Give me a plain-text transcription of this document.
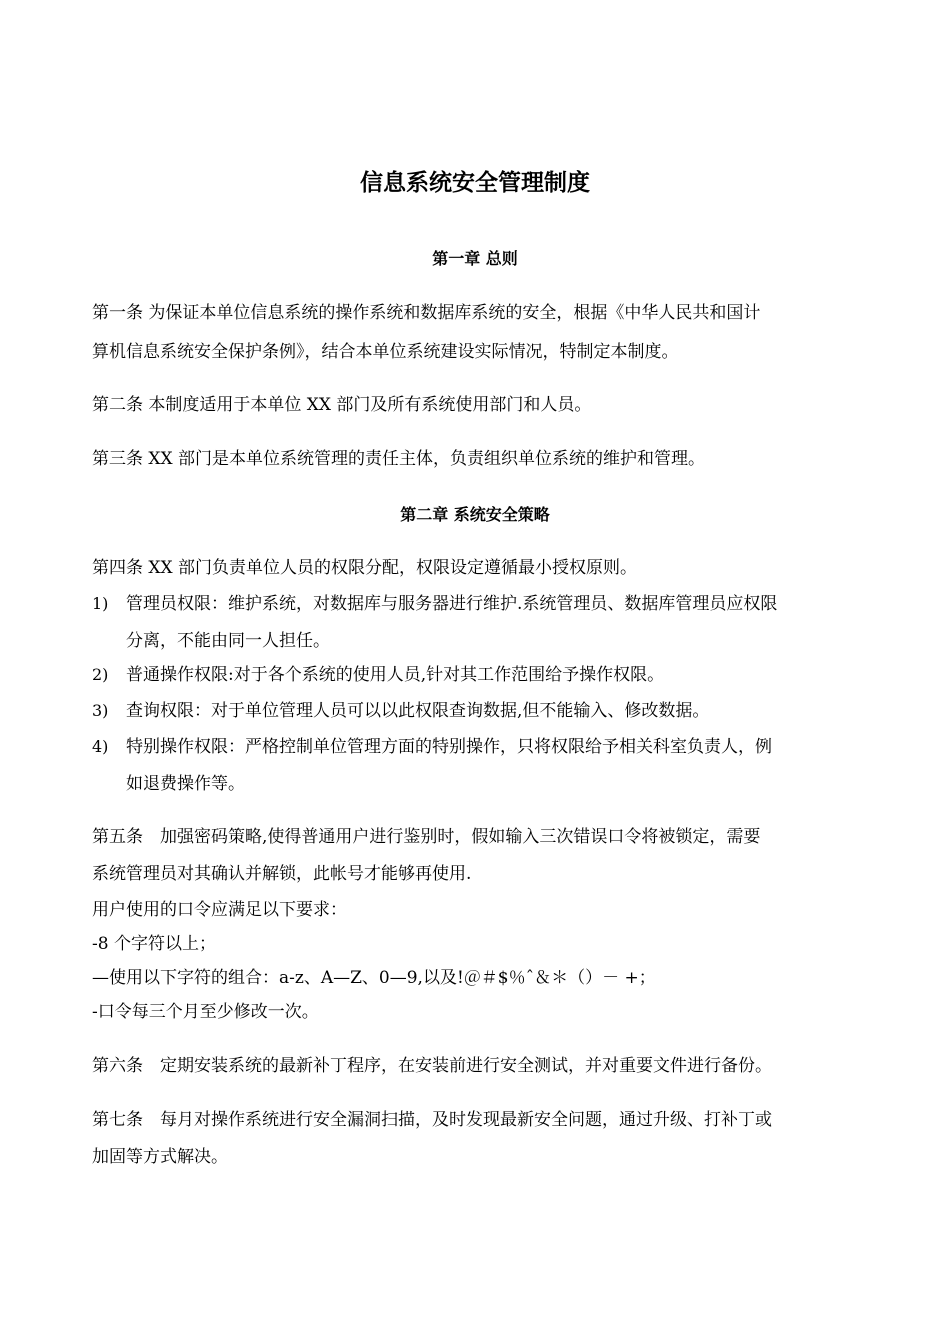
信息系统安全管理制度
第一章 总则

第一条 为保证本单位信息系统的操作系统和数据库系统的安全，根据《中华人民共和国计

算机信息系统安全保护条例》，结合本单位系统建设实际情况，特制定本制度。

第二条 本制度适用于本单位 XX 部门及所有系统使用部门和人员。

第三条 XX 部门是本单位系统管理的责任主体，负责组织单位系统的维护和管理。

第二章 系统安全策略

第四条 XX 部门负责单位人员的权限分配，权限设定遵循最小授权原则。

1) 管理员权限：维护系统，对数据库与服务器进行维护.系统管理员、数据库管理员应权限

分离，不能由同一人担任。

2) 普通操作权限:对于各个系统的使用人员,针对其工作范围给予操作权限。

3) 查询权限：对于单位管理人员可以以此权限查询数据,但不能输入、修改数据。

4) 特别操作权限：严格控制单位管理方面的特别操作，只将权限给予相关科室负责人，例

如退费操作等。

第五条　加强密码策略,使得普通用户进行鉴别时，假如输入三次错误口令将被锁定，需要

系统管理员对其确认并解锁，此帐号才能够再使用.

用户使用的口令应满足以下要求：

-8 个字符以上；

—使用以下字符的组合：a-z、A—Z、0—9,以及!＠＃$％ˆ＆＊（）－ +；

-口令每三个月至少修改一次。

第六条　定期安装系统的最新补丁程序，在安装前进行安全测试，并对重要文件进行备份。

第七条　每月对操作系统进行安全漏洞扫描，及时发现最新安全问题，通过升级、打补丁或

加固等方式解决。
